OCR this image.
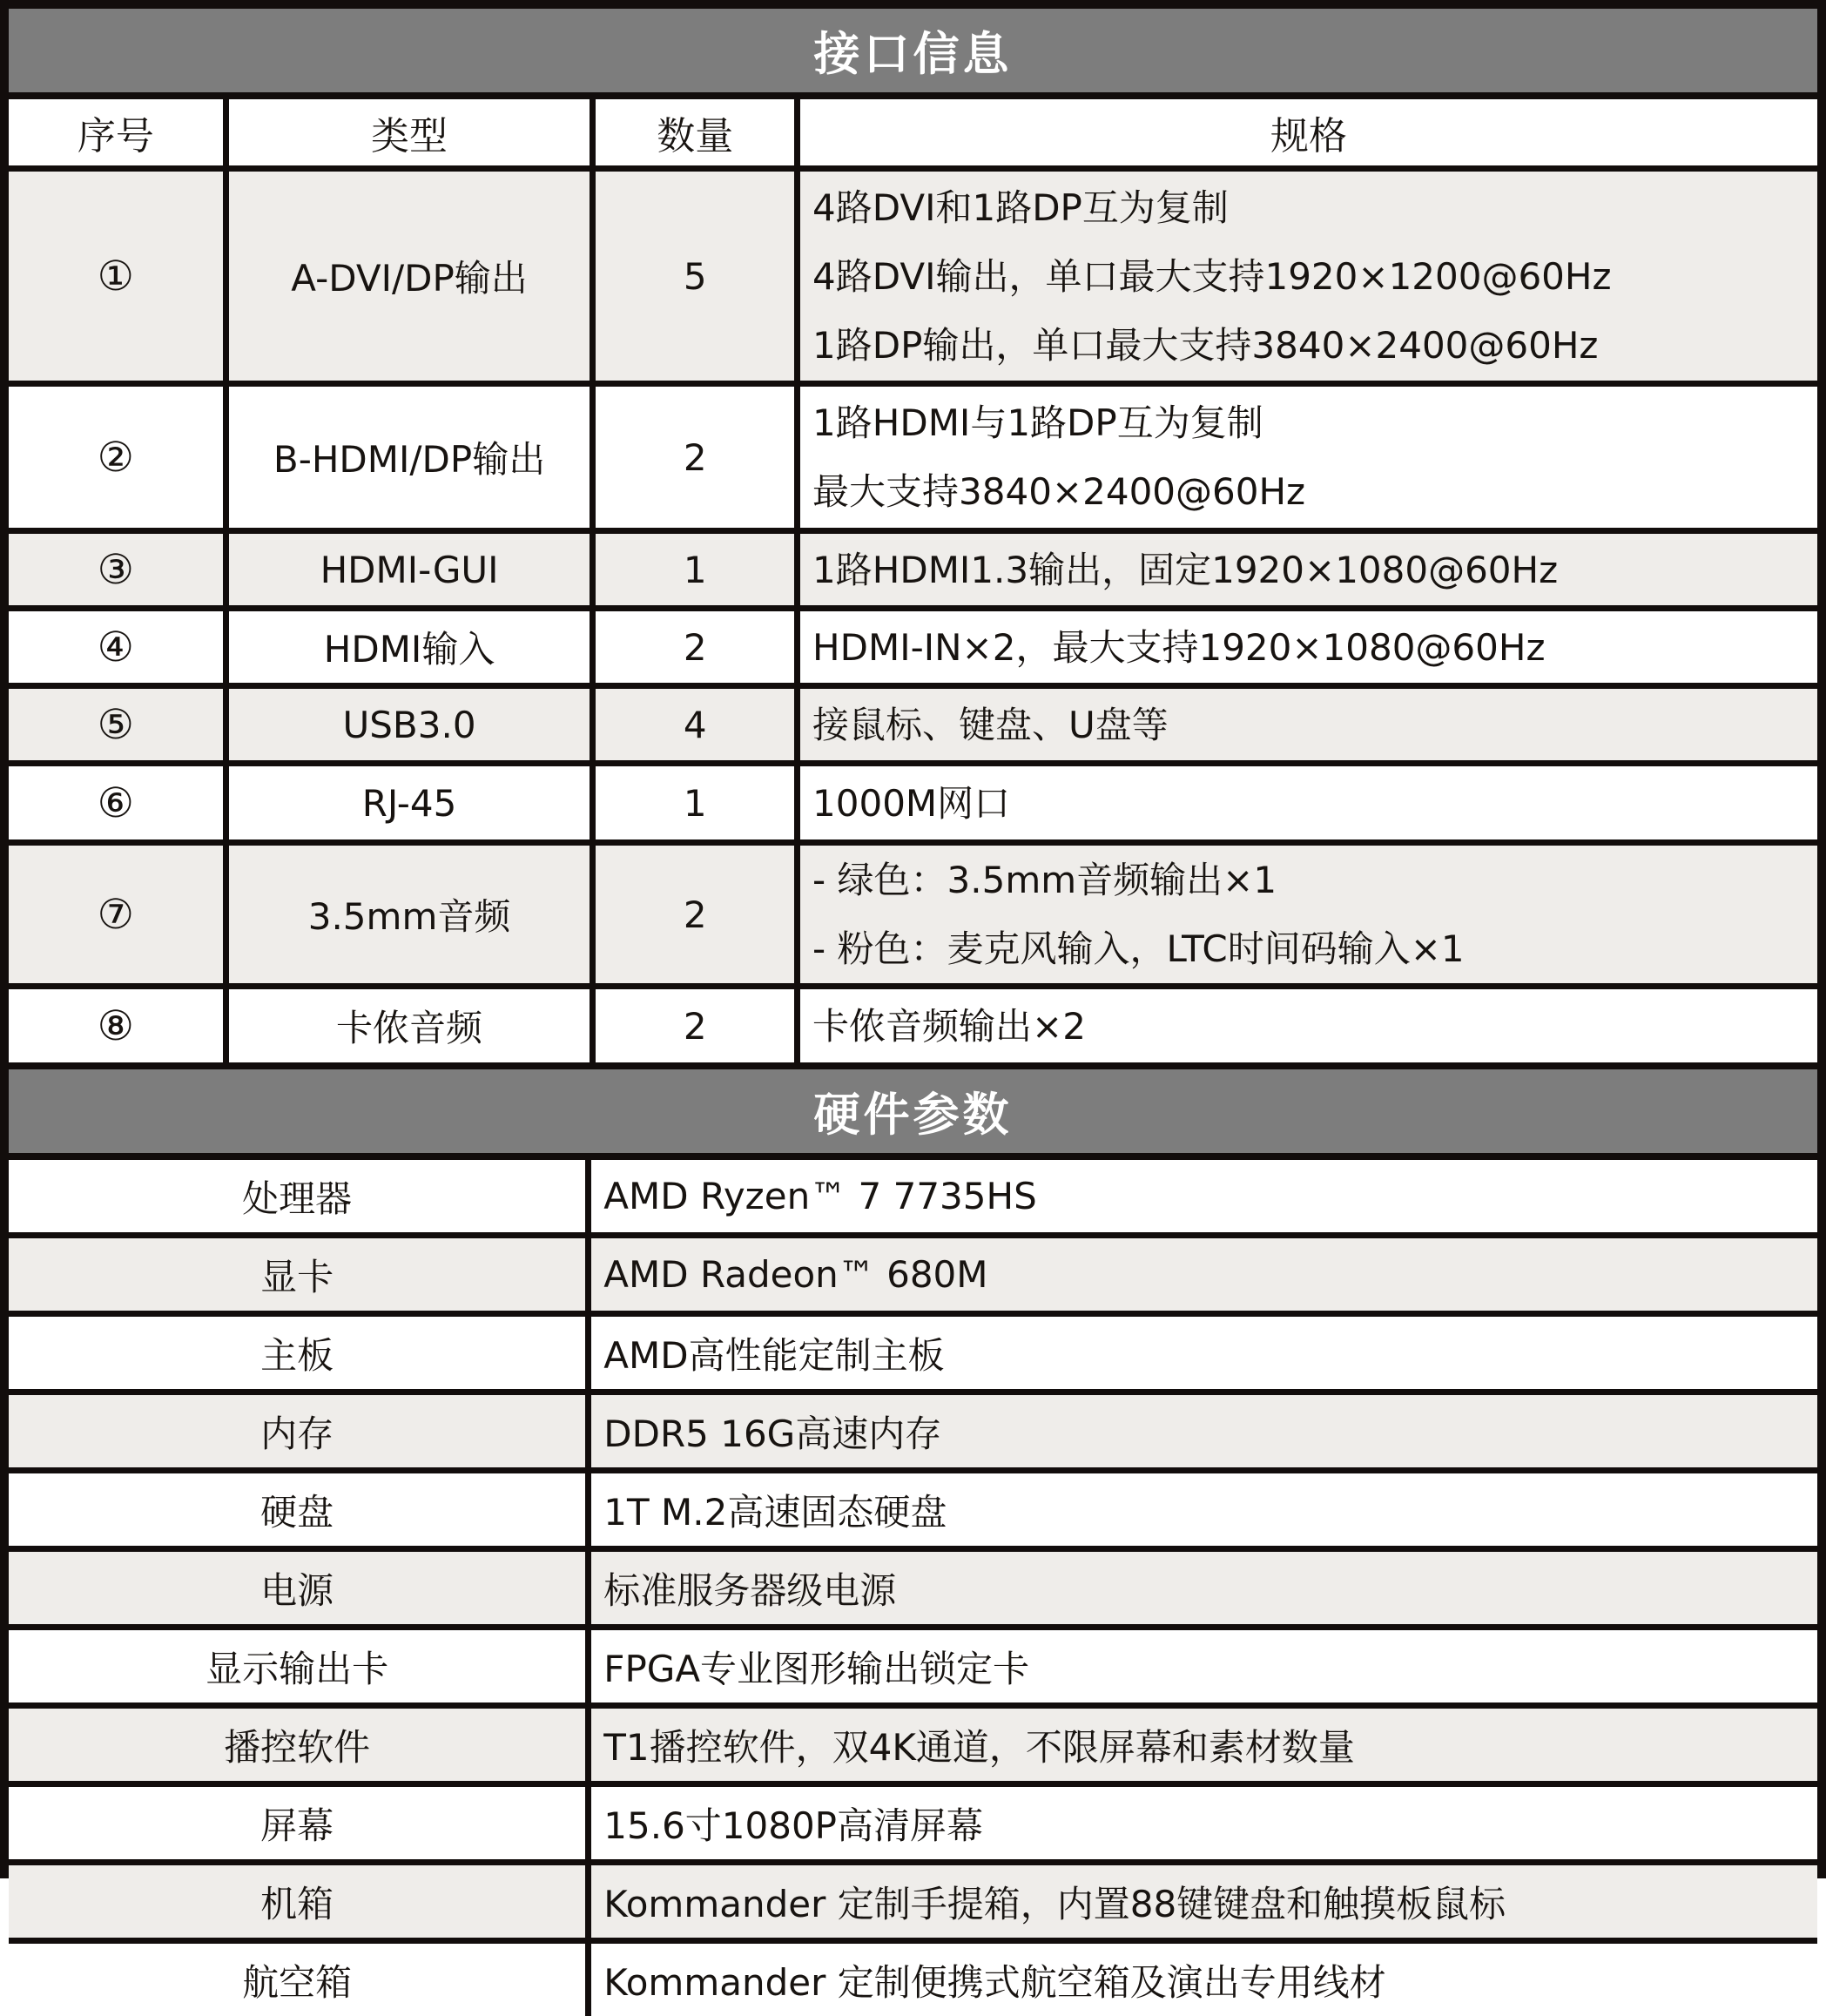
接口信息
序号	类型	数量	规格
①	A-DVI/DP输出	5	4路DVI和1路DP互为复制
4路DVI输出，单口最大支持1920×1200@60Hz
1路DP输出，单口最大支持3840×2400@60Hz

②	B-HDMI/DP输出	2	1路HDMI与1路DP互为复制
最大支持3840×2400@60Hz

③	HDMI-GUI	1	1路HDMI1.3输出，固定1920×1080@60Hz

④	HDMI输入	2	HDMI-IN×2，最大支持1920×1080@60Hz

⑤	USB3.0	4	接鼠标、键盘、U盘等

⑥	RJ-45	1	1000M网口

⑦	3.5mm音频	2	- 绿色：3.5mm音频输出×1
- 粉色：麦克风输入，LTC时间码输入×1

⑧	卡侬音频	2	卡侬音频输出×2
硬件参数
处理器	AMD Ryzen™ 7 7735HS
显卡	AMD Radeon™ 680M
主板	AMD高性能定制主板
内存	DDR5 16G高速内存
硬盘	1T M.2高速固态硬盘
电源	标准服务器级电源
显示输出卡	FPGA专业图形输出锁定卡
播控软件	T1播控软件，双4K通道，不限屏幕和素材数量
屏幕	15.6寸1080P高清屏幕
机箱	Kommander 定制手提箱，内置88键键盘和触摸板鼠标
航空箱	Kommander 定制便携式航空箱及演出专用线材
